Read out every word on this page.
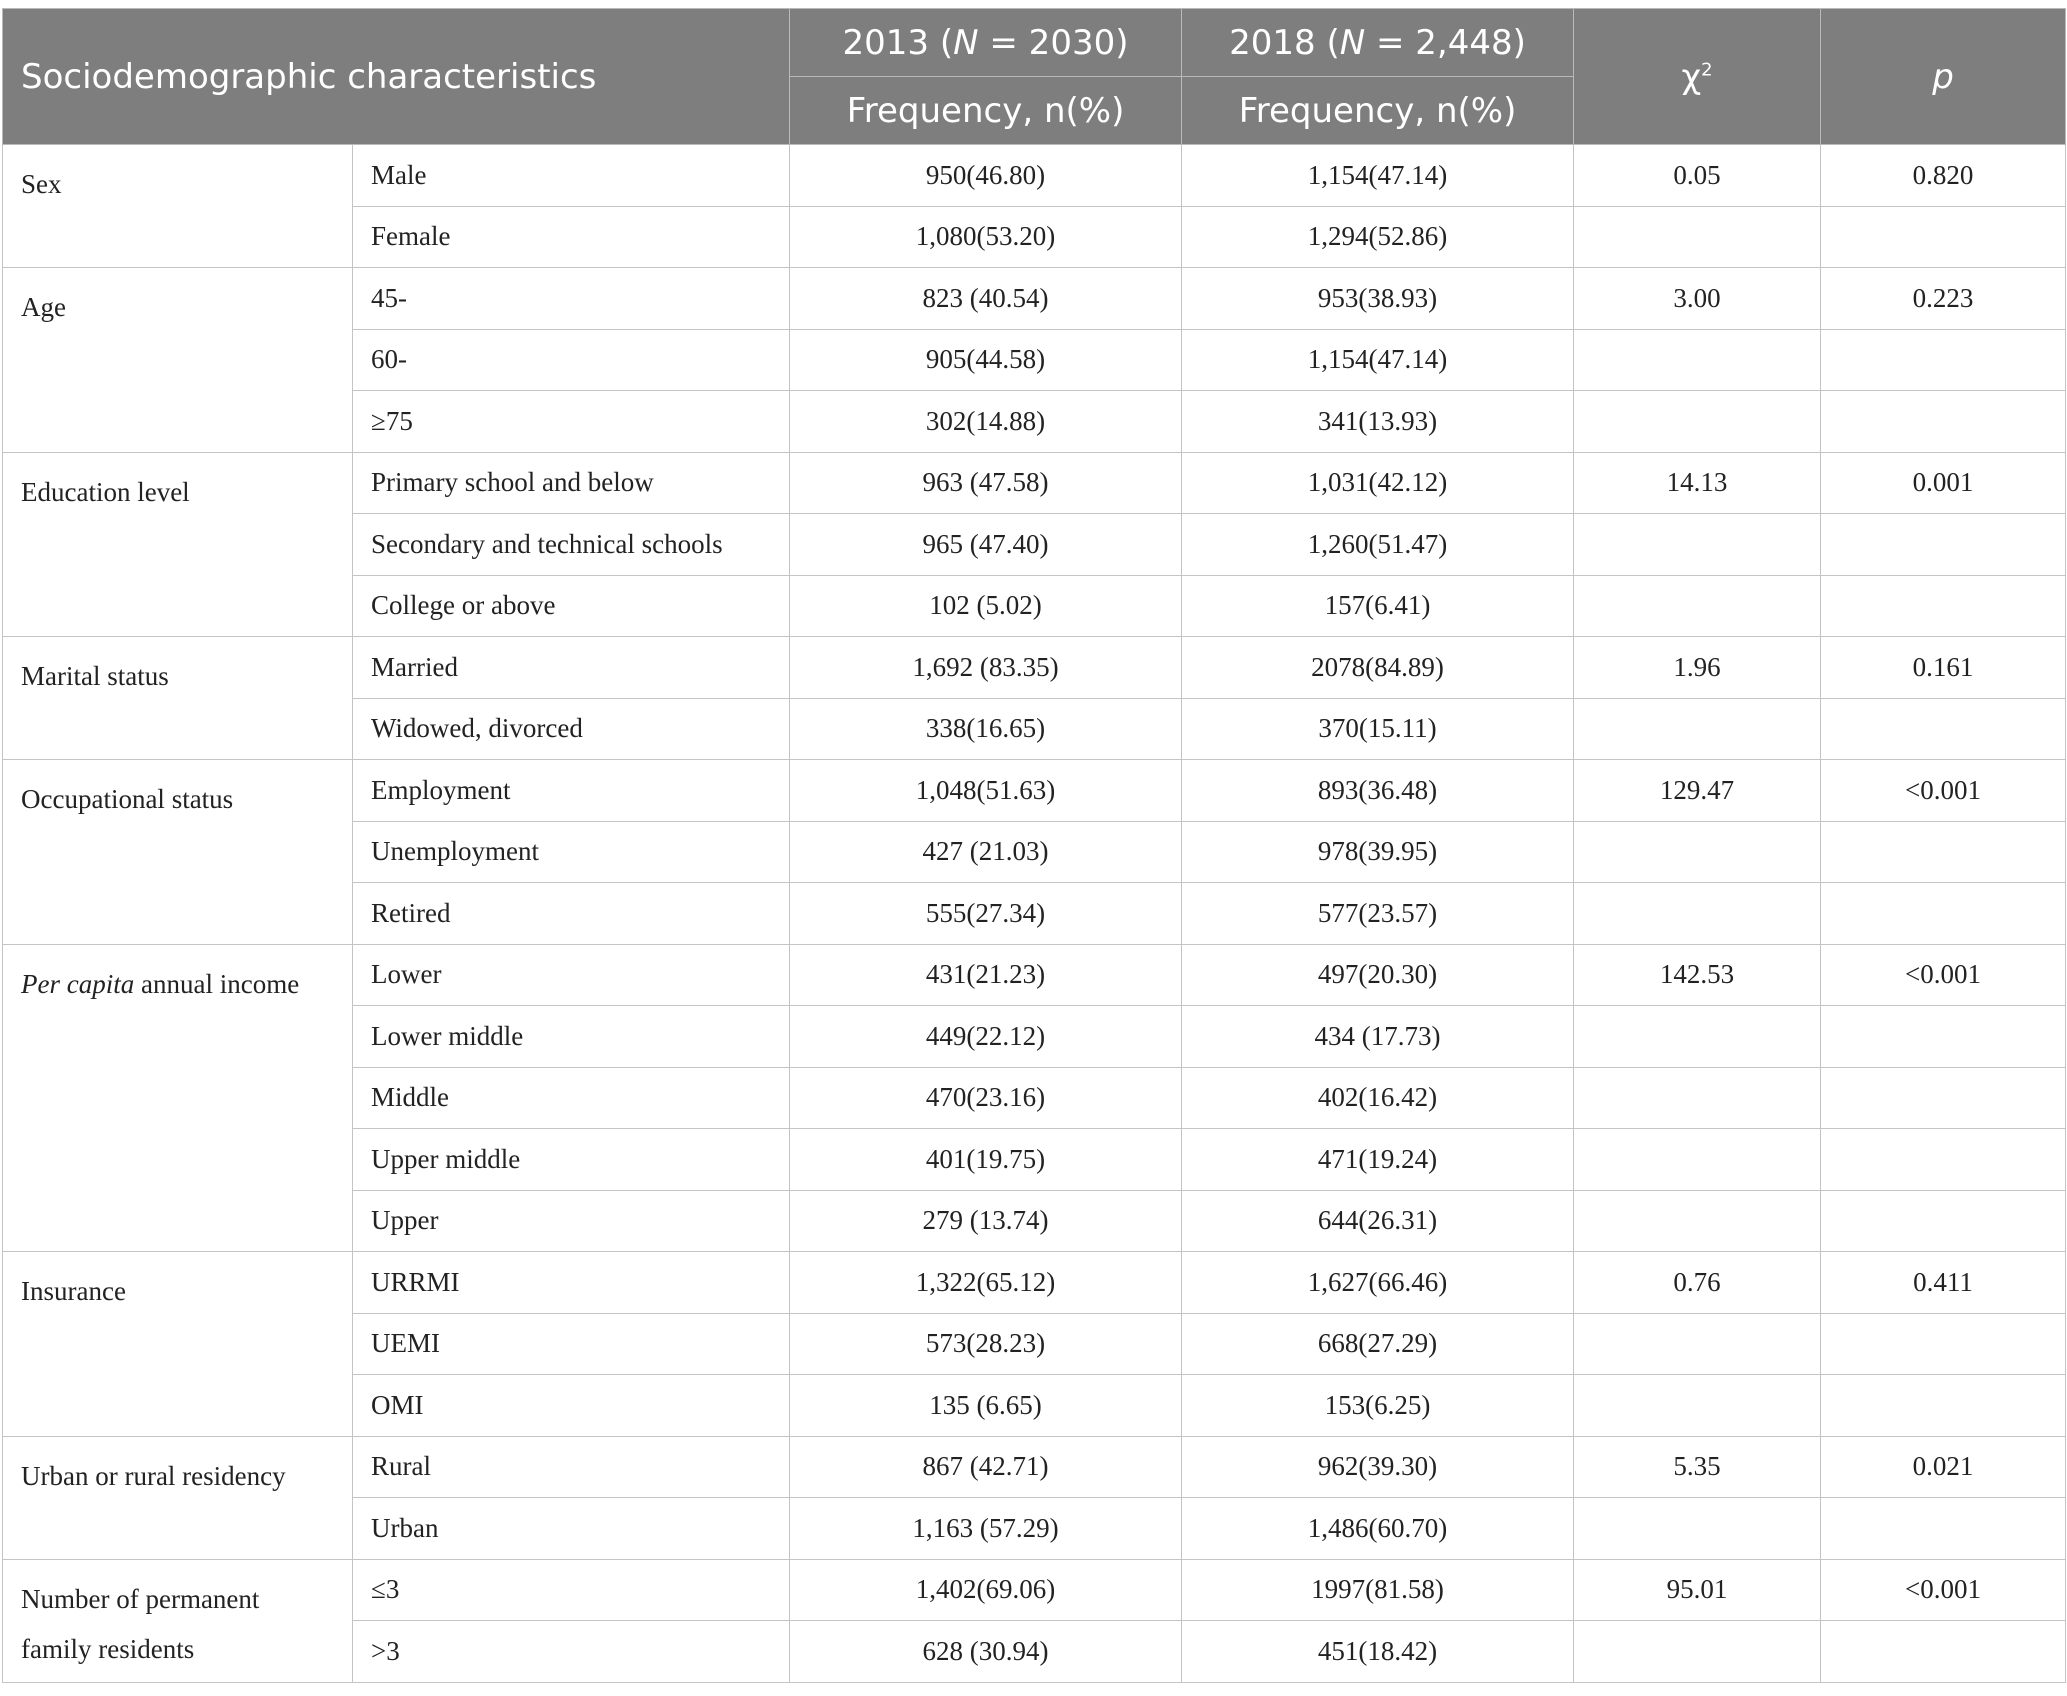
Sociodemographic characteristics		2013 (N = 2030)	2018 (N = 2,448)	$\chi^2$	p
		Frequency, n(%)	Frequency, n(%)		
Sex	Male	950(46.80)	1,154(47.14)	0.05	0.820
	Female	1,080(53.20)	1,294(52.86)		
Age	45-	823 (40.54)	953(38.93)	3.00	0.223
	60-	905(44.58)	1,154(47.14)		
	≥75	302(14.88)	341(13.93)		
Education level	Primary school and below	963 (47.58)	1,031(42.12)	14.13	0.001
	Secondary and technical schools	965 (47.40)	1,260(51.47)		
	College or above	102 (5.02)	157(6.41)		
Marital status	Married	1,692 (83.35)	2078(84.89)	1.96	0.161
	Widowed, divorced	338(16.65)	370(15.11)		
Occupational status	Employment	1,048(51.63)	893(36.48)	129.47	<0.001
	Unemployment	427 (21.03)	978(39.95)		
	Retired	555(27.34)	577(23.57)		
Per capita annual income	Lower	431(21.23)	497(20.30)	142.53	<0.001
	Lower middle	449(22.12)	434 (17.73)		
	Middle	470(23.16)	402(16.42)		
	Upper middle	401(19.75)	471(19.24)		
	Upper	279 (13.74)	644(26.31)		
Insurance	URRMI	1,322(65.12)	1,627(66.46)	0.76	0.411
	UEMI	573(28.23)	668(27.29)		
	OMI	135 (6.65)	153(6.25)		
Urban or rural residency	Rural	867 (42.71)	962(39.30)	5.35	0.021
	Urban	1,163 (57.29)	1,486(60.70)		
Number of permanent family residents	≤3	1,402(69.06)	1997(81.58)	95.01	<0.001
	>3	628 (30.94)	451(18.42)		
